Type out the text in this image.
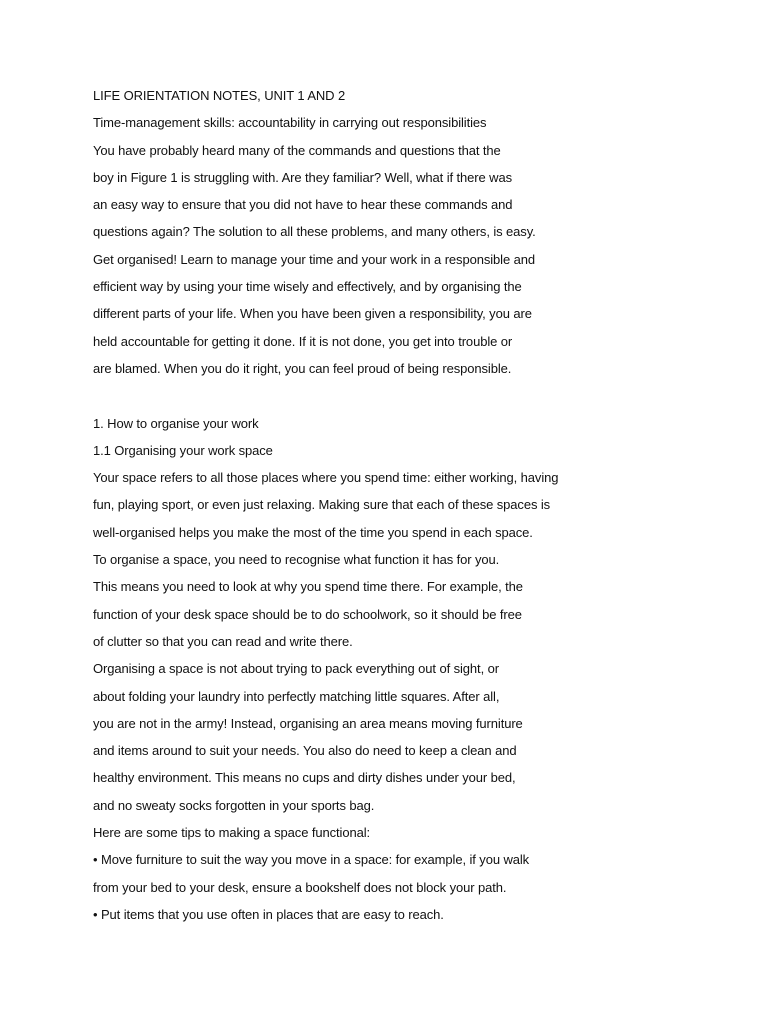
LIFE ORIENTATION NOTES, UNIT 1 AND 2
Time-management skills: accountability in carrying out responsibilities
You have probably heard many of the commands and questions that the
boy in Figure 1 is struggling with. Are they familiar? Well, what if there was
an easy way to ensure that you did not have to hear these commands and
questions again? The solution to all these problems, and many others, is easy.
Get organised! Learn to manage your time and your work in a responsible and
efficient way by using your time wisely and effectively, and by organising the
different parts of your life. When you have been given a responsibility, you are
held accountable for getting it done. If it is not done, you get into trouble or
are blamed. When you do it right, you can feel proud of being responsible.
1. How to organise your work
1.1 Organising your work space
Your space refers to all those places where you spend time: either working, having
fun, playing sport, or even just relaxing. Making sure that each of these spaces is
well-organised helps you make the most of the time you spend in each space.
To organise a space, you need to recognise what function it has for you.
This means you need to look at why you spend time there. For example, the
function of your desk space should be to do schoolwork, so it should be free
of clutter so that you can read and write there.
Organising a space is not about trying to pack everything out of sight, or
about folding your laundry into perfectly matching little squares. After all,
you are not in the army! Instead, organising an area means moving furniture
and items around to suit your needs. You also do need to keep a clean and
healthy environment. This means no cups and dirty dishes under your bed,
and no sweaty socks forgotten in your sports bag.
Here are some tips to making a space functional:
• Move furniture to suit the way you move in a space: for example, if you walk
from your bed to your desk, ensure a bookshelf does not block your path.
• Put items that you use often in places that are easy to reach.
